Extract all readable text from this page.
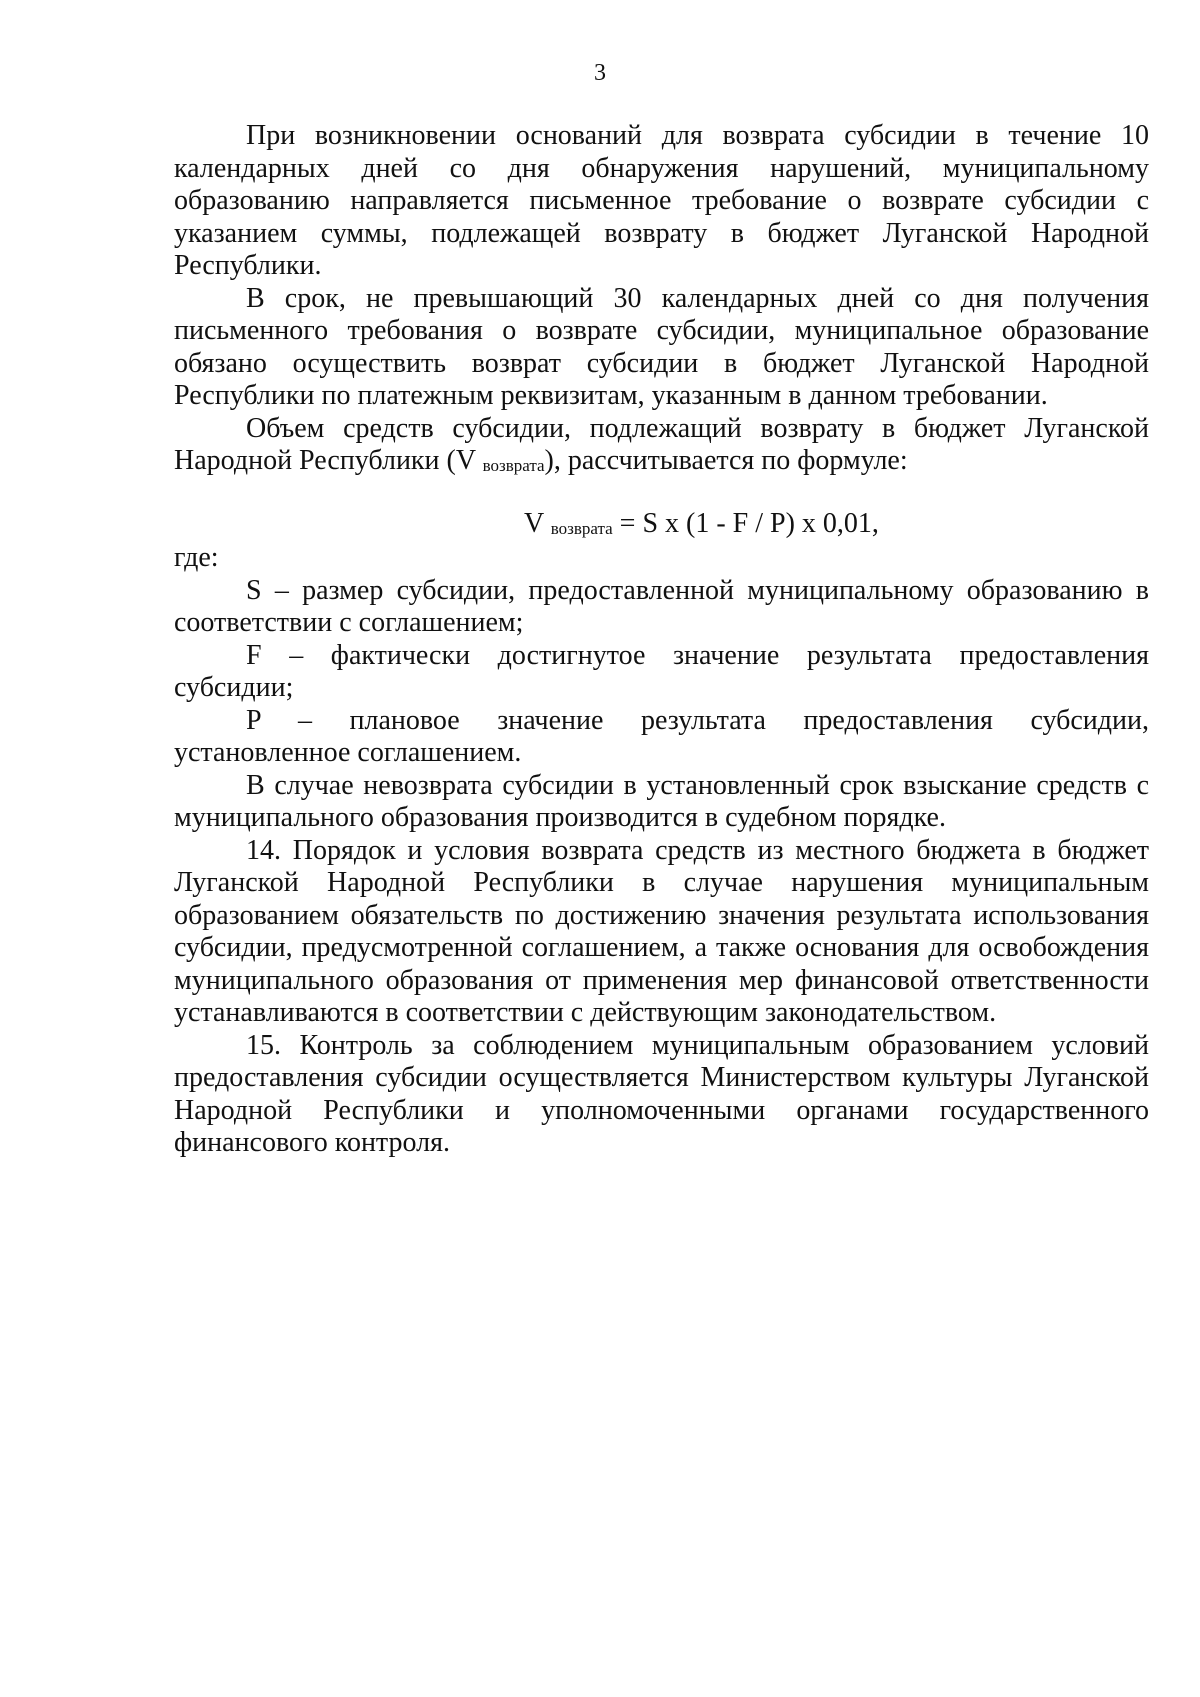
3

При возникновении оснований для возврата субсидии в течение 10 календарных дней со дня обнаружения нарушений, муниципальному образованию направляется письменное требование о возврате субсидии с указанием суммы, подлежащей возврату в бюджет Луганской Народной Республики.

В срок, не превышающий 30 календарных дней со дня получения письменного требования о возврате субсидии, муниципальное образование обязано осуществить возврат субсидии в бюджет Луганской Народной Республики по платежным реквизитам, указанным в данном требовании.

Объем средств субсидии, подлежащий возврату в бюджет Луганской Народной Республики (V $_{возврата}$), рассчитывается по формуле:

V $_{возврата}$ = S x (1 - F / P) x 0,01,

где:

S – размер субсидии, предоставленной муниципальному образованию в соответствии с соглашением;

F – фактически достигнутое значение результата предоставления субсидии;

P – плановое значение результата предоставления субсидии, установленное соглашением.

В случае невозврата субсидии в установленный срок взыскание средств с муниципального образования производится в судебном порядке.

14. Порядок и условия возврата средств из местного бюджета в бюджет Луганской Народной Республики в случае нарушения муниципальным образованием обязательств по достижению значения результата использования субсидии, предусмотренной соглашением, а также основания для освобождения муниципального образования от применения мер финансовой ответственности устанавливаются в соответствии с действующим законодательством.

15. Контроль за соблюдением муниципальным образованием условий предоставления субсидии осуществляется Министерством культуры Луганской Народной Республики и уполномоченными органами государственного финансового контроля.
